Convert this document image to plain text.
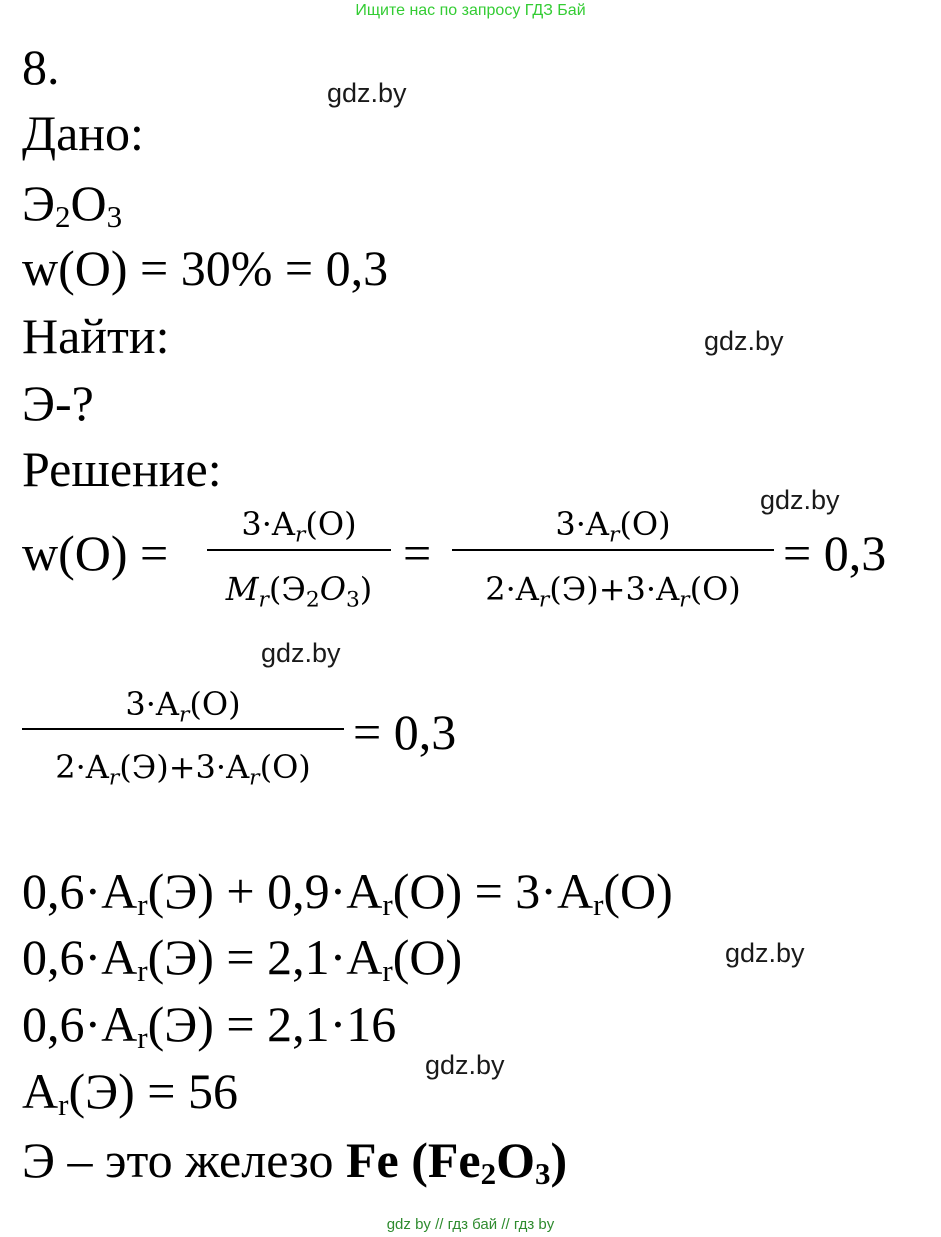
Ищите нас по запросу ГДЗ Бай
gdz.by
gdz.by
gdz.by
gdz.by
gdz.by
gdz.by
8.
Дано:
$Э_2O_3$
w(O) = 30% = 0,3
Найти:
Э-?
Решение:
w(O) =
$3\cdot A_r(O)$
$M_r(Э_2O_3)$
=
$3\cdot A_r(O)$
$2\cdot A_r(Э)+3\cdot A_r(O)$
= 0,3
$3\cdot A_r(O)$
$2\cdot A_r(Э)+3\cdot A_r(O)$
= 0,3
$0,6\cdot A_r(Э) + 0,9\cdot A_r(O) = 3\cdot A_r(O)$
$0,6\cdot A_r(Э) = 2,1\cdot A_r(O)$
$0,6\cdot A_r(Э) = 2,1\cdot 16$
$A_r(Э) = 56$
Э – это железо Fe $(Fe_2O_3)$
gdz by // гдз бай // гдз by
